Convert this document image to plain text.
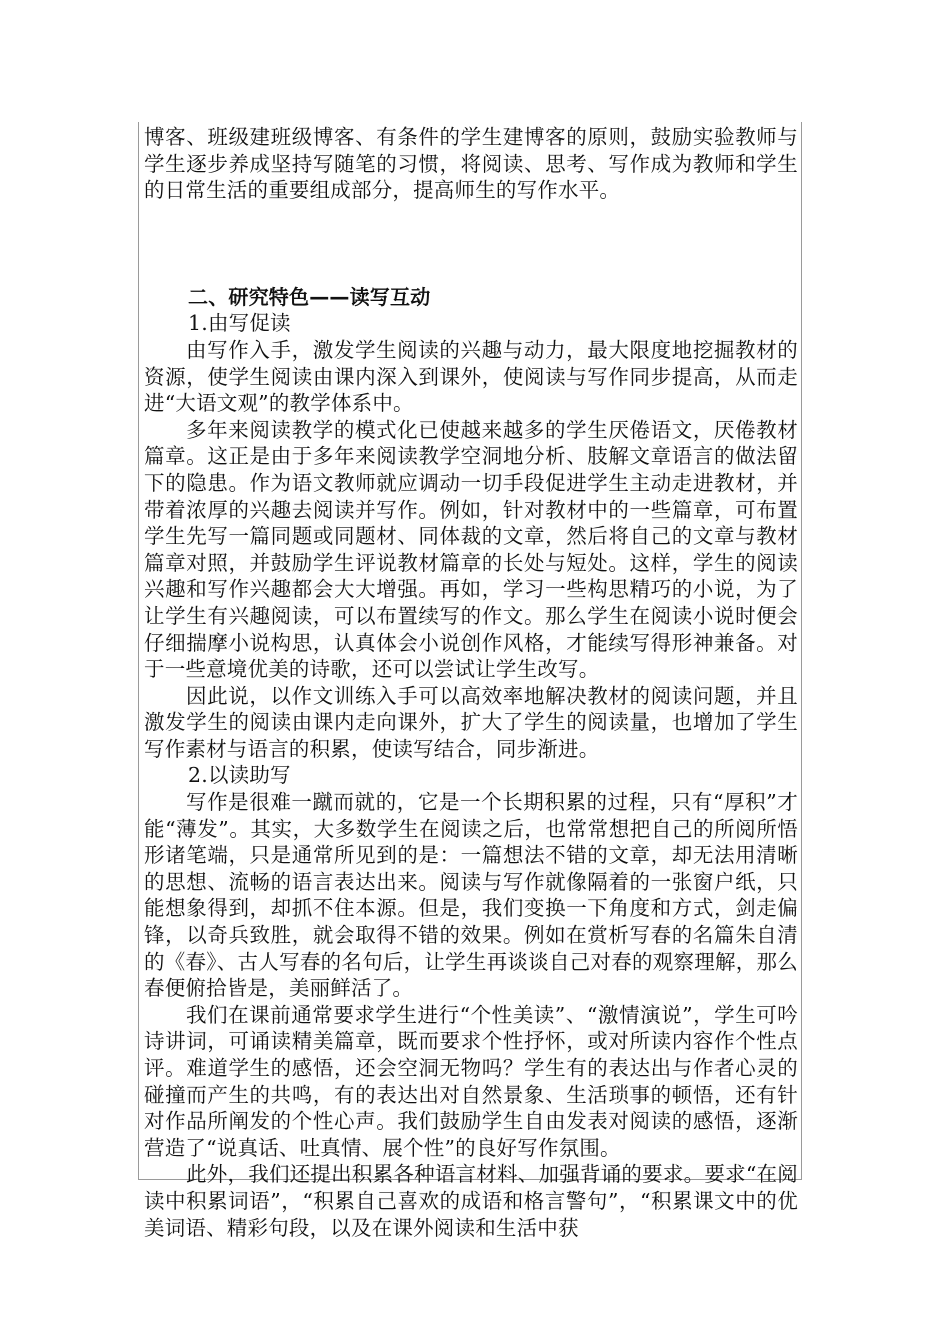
博客、班级建班级博客、有条件的学生建博客的原则，鼓励实验教师与学生逐步养成坚持写随笔的习惯，将阅读、思考、写作成为教师和学生的日常生活的重要组成部分，提高师生的写作水平。

二、研究特色——读写互动

1.由写促读

由写作入手，激发学生阅读的兴趣与动力，最大限度地挖掘教材的资源，使学生阅读由课内深入到课外，使阅读与写作同步提高，从而走进“大语文观”的教学体系中。

多年来阅读教学的模式化已使越来越多的学生厌倦语文，厌倦教材篇章。这正是由于多年来阅读教学空洞地分析、肢解文章语言的做法留下的隐患。作为语文教师就应调动一切手段促进学生主动走进教材，并带着浓厚的兴趣去阅读并写作。例如，针对教材中的一些篇章，可布置学生先写一篇同题或同题材、同体裁的文章，然后将自己的文章与教材篇章对照，并鼓励学生评说教材篇章的长处与短处。这样，学生的阅读兴趣和写作兴趣都会大大增强。再如，学习一些构思精巧的小说，为了让学生有兴趣阅读，可以布置续写的作文。那么学生在阅读小说时便会仔细揣摩小说构思，认真体会小说创作风格，才能续写得形神兼备。对于一些意境优美的诗歌，还可以尝试让学生改写。

因此说，以作文训练入手可以高效率地解决教材的阅读问题，并且激发学生的阅读由课内走向课外，扩大了学生的阅读量，也增加了学生写作素材与语言的积累，使读写结合，同步渐进。

2.以读助写

写作是很难一蹴而就的，它是一个长期积累的过程，只有“厚积”才能“薄发”。其实，大多数学生在阅读之后，也常常想把自己的所阅所悟形诸笔端，只是通常所见到的是：一篇想法不错的文章，却无法用清晰的思想、流畅的语言表达出来。阅读与写作就像隔着的一张窗户纸，只能想象得到，却抓不住本源。但是，我们变换一下角度和方式，剑走偏锋，以奇兵致胜，就会取得不错的效果。例如在赏析写春的名篇朱自清的《春》、古人写春的名句后，让学生再谈谈自己对春的观察理解，那么春便俯拾皆是，美丽鲜活了。

我们在课前通常要求学生进行“个性美读”、“激情演说”，学生可吟诗讲词，可诵读精美篇章，既而要求个性抒怀，或对所读内容作个性点评。难道学生的感悟，还会空洞无物吗？学生有的表达出与作者心灵的碰撞而产生的共鸣，有的表达出对自然景象、生活琐事的顿悟，还有针对作品所阐发的个性心声。我们鼓励学生自由发表对阅读的感悟，逐渐营造了“说真话、吐真情、展个性”的良好写作氛围。

此外，我们还提出积累各种语言材料、加强背诵的要求。要求“在阅读中积累词语”，“积累自己喜欢的成语和格言警句”，“积累课文中的优美词语、精彩句段，以及在课外阅读和生活中获
